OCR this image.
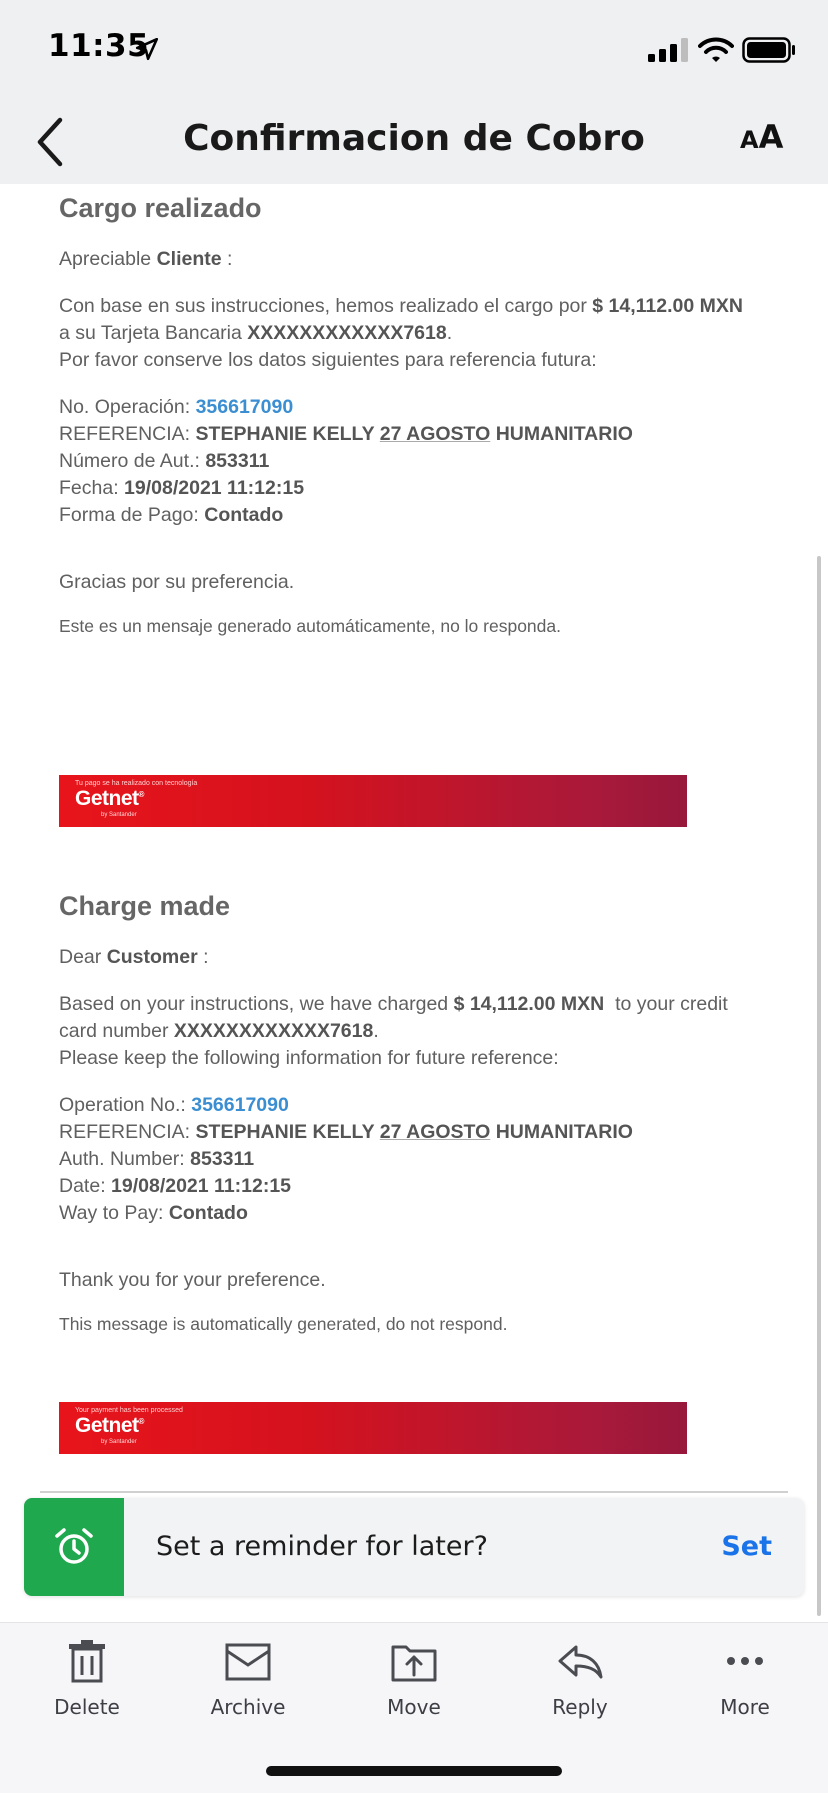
11:35
Confirmacion de Cobro	AA

Cargo realizado

Apreciable Cliente :

Con base en sus instrucciones, hemos realizado el cargo por $ 14,112.00 MXN a su Tarjeta Bancaria XXXXXXXXXXXX7618.
Por favor conserve los datos siguientes para referencia futura:

No. Operación: 356617090
REFERENCIA: STEPHANIE KELLY 27 AGOSTO HUMANITARIO
Número de Aut.: 853311
Fecha: 19/08/2021 11:12:15
Forma de Pago: Contado

Gracias por su preferencia.

Este es un mensaje generado automáticamente, no lo responda.

Tu pago se ha realizado con tecnología
Getnet®
by Santander

Charge made

Dear Customer :

Based on your instructions, we have charged $ 14,112.00 MXN  to your credit card number XXXXXXXXXXXX7618.
Please keep the following information for future reference:

Operation No.: 356617090
REFERENCIA: STEPHANIE KELLY 27 AGOSTO HUMANITARIO
Auth. Number: 853311
Date: 19/08/2021 11:12:15
Way to Pay: Contado

Thank you for your preference.

This message is automatically generated, do not respond.

Your payment has been processed
Getnet®
by Santander
Set a reminder for later?	Set
Delete	Archive	Move	Reply	More
